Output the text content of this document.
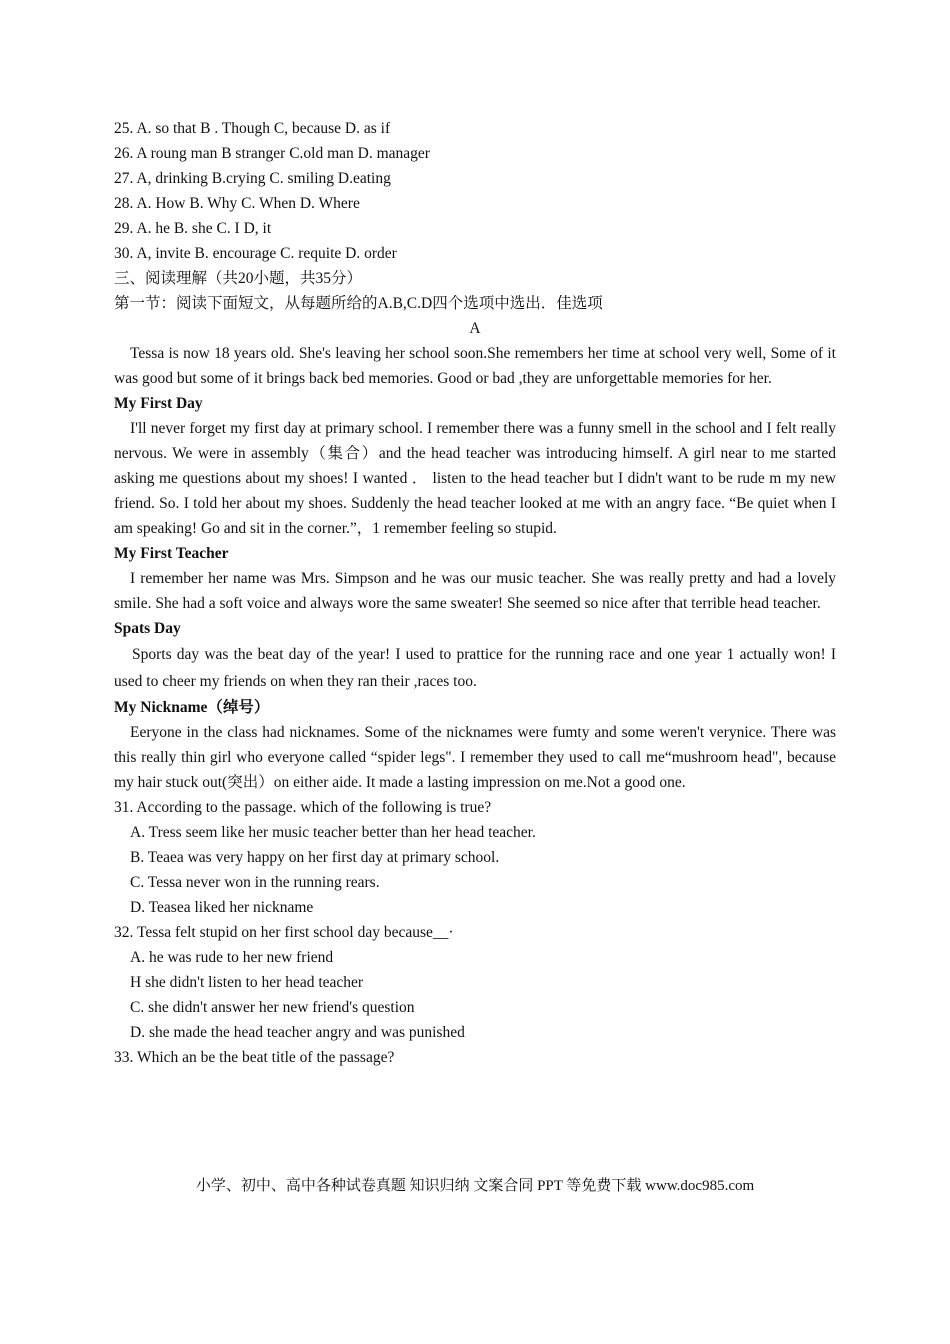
25. A. so that B . Though C, because D. as if
26. A roung man B stranger C.old man D. manager
27. A, drinking B.crying C. smiling D.eating
28. A. How B. Why C. When D. Where
29. A. he B. she C. I D, it
30. A, invite B. encourage C. requite D. order
三、阅读理解（共20小题，共35分）
第一节：阅读下面短文，从每题所给的A.B,C.D四个选项中选出．佳选项
A
Tessa is now 18 years old. She's leaving her school soon.She remembers her time at school very well, Some of it was good but some of it brings back bed memories. Good or bad ,they are unforgettable memories for her.
My First Day
I'll never forget my first day at primary school. I remember there was a funny smell in the school and I felt really nervous. We were in assembly（集合）and the head teacher was introducing himself. A girl near to me started asking me questions about my shoes! I wanted ． listen to the head teacher but I didn't want to be rude m my new friend. So. I told her about my shoes. Suddenly the head teacher looked at me with an angry face. “Be quiet when I am speaking! Go and sit in the corner.”，1 remember feeling so stupid.
My First Teacher
I remember her name was Mrs. Simpson and he was our music teacher. She was really pretty and had a lovely smile. She had a soft voice and always wore the same sweater! She seemed so nice after that terrible head teacher.
Spats Day
Sports day was the beat day of the year! I used to prattice for the running race and one year 1 actually won! I used to cheer my friends on when they ran their ,races too.
My Nickname（绰号）
Eeryone in the class had nicknames. Some of the nicknames were fumty and some weren't verynice. There was this really thin girl who everyone called “spider legs". I remember they used to call me“mushroom head", because my hair stuck out(突出）on either aide. It made a lasting impression on me.Not a good one.
31. According to the passage. which of the following is true?
A. Tress seem like her music teacher better than her head teacher.
B. Teaea was very happy on her first day at primary school.
C. Tessa never won in the running rears.
D. Teasea liked her nickname
32. Tessa felt stupid on her first school day because__·
A. he was rude to her new friend
H she didn't listen to her head teacher
C. she didn't answer her new friend's question
D. she made the head teacher angry and was punished
33. Which an be the beat title of the passage?
小学、初中、高中各种试卷真题 知识归纳 文案合同 PPT 等免费下载 www.doc985.com
